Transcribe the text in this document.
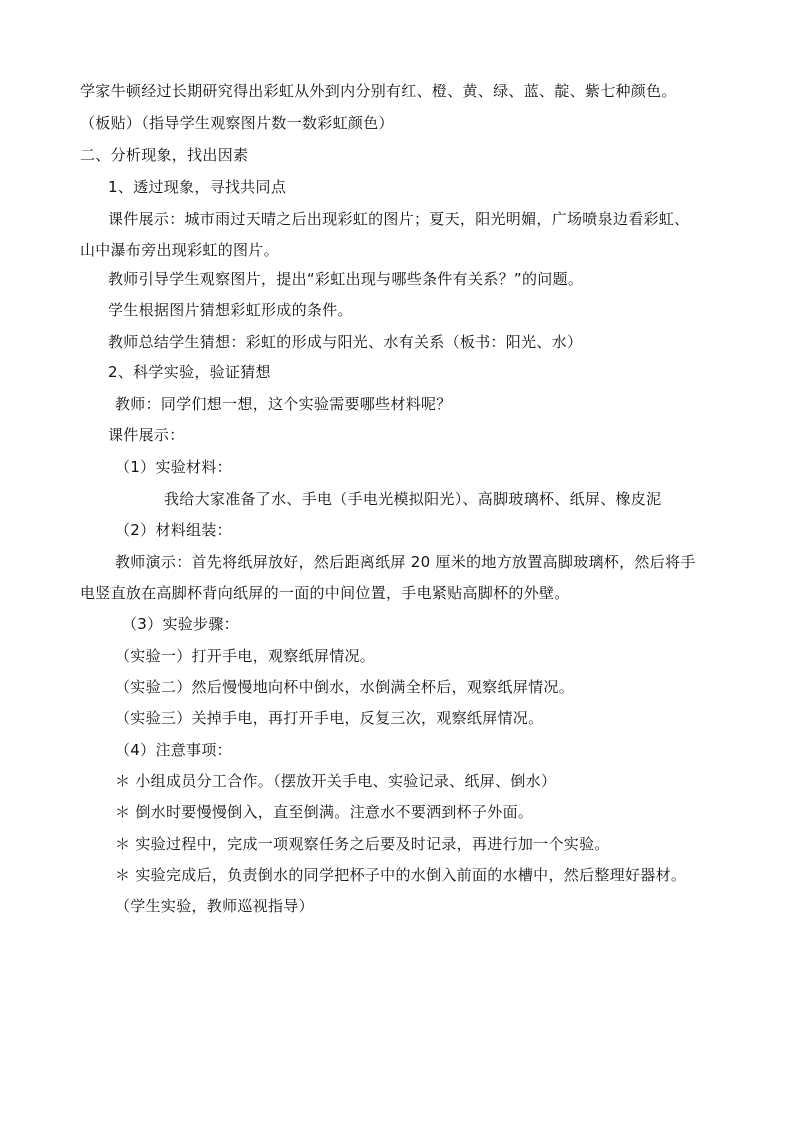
学家牛顿经过长期研究得出彩虹从外到内分别有红、橙、黄、绿、蓝、靛、紫七种颜色。
（板贴）（指导学生观察图片数一数彩虹颜色）
二、分析现象，找出因素
1、透过现象，寻找共同点
课件展示：城市雨过天晴之后出现彩虹的图片；夏天，阳光明媚，广场喷泉边看彩虹、
山中瀑布旁出现彩虹的图片。
教师引导学生观察图片，提出“彩虹出现与哪些条件有关系？”的问题。
学生根据图片猜想彩虹形成的条件。
教师总结学生猜想：彩虹的形成与阳光、水有关系（板书：阳光、水）
2、科学实验，验证猜想
教师：同学们想一想，这个实验需要哪些材料呢？
课件展示：
（1）实验材料：
我给大家准备了水、手电（手电光模拟阳光）、高脚玻璃杯、纸屏、橡皮泥
（2）材料组装：
教师演示：首先将纸屏放好，然后距离纸屏 20 厘米的地方放置高脚玻璃杯，然后将手
电竖直放在高脚杯背向纸屏的一面的中间位置，手电紧贴高脚杯的外壁。
（3）实验步骤：
（实验一）打开手电，观察纸屏情况。
（实验二）然后慢慢地向杯中倒水，水倒满全杯后，观察纸屏情况。
（实验三）关掉手电，再打开手电，反复三次，观察纸屏情况。
（4）注意事项：
＊ 小组成员分工合作。（摆放开关手电、实验记录、纸屏、倒水）
＊ 倒水时要慢慢倒入，直至倒满。注意水不要洒到杯子外面。
＊ 实验过程中，完成一项观察任务之后要及时记录，再进行加一个实验。
＊ 实验完成后，负责倒水的同学把杯子中的水倒入前面的水槽中，然后整理好器材。
（学生实验，教师巡视指导）
